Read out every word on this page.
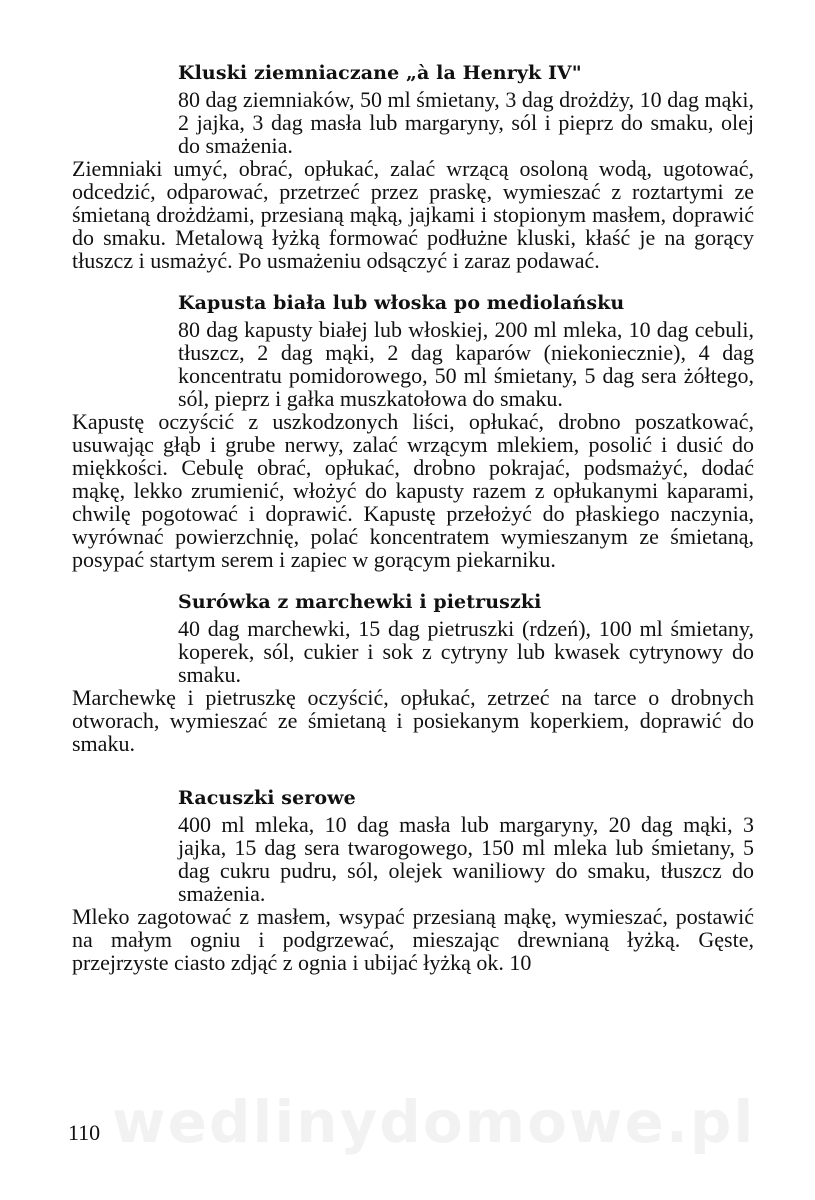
Kluski ziemniaczane „à la Henryk IV"

80 dag ziemniaków, 50 ml śmietany, 3 dag drożdży, 10 dag mąki, 2 jajka, 3 dag masła lub margaryny, sól i pieprz do smaku, olej do smażenia.

Ziemniaki umyć, obrać, opłukać, zalać wrzącą osoloną wodą, ugotować, odcedzić, odparować, przetrzeć przez praskę, wymieszać z roztartymi ze śmietaną drożdżami, przesianą mąką, jajkami i stopionym masłem, doprawić do smaku. Metalową łyżką formować podłużne kluski, kłaść je na gorący tłuszcz i usmażyć. Po usmażeniu odsączyć i zaraz podawać.

Kapusta biała lub włoska po mediolańsku

80 dag kapusty białej lub włoskiej, 200 ml mleka, 10 dag cebuli, tłuszcz, 2 dag mąki, 2 dag kaparów (niekoniecznie), 4 dag koncentratu pomidorowego, 50 ml śmietany, 5 dag sera żółtego, sól, pieprz i gałka muszkatołowa do smaku.

Kapustę oczyścić z uszkodzonych liści, opłukać, drobno poszatkować, usuwając głąb i grube nerwy, zalać wrzącym mlekiem, posolić i dusić do miękkości. Cebulę obrać, opłukać, drobno pokrajać, podsmażyć, dodać mąkę, lekko zrumienić, włożyć do kapusty razem z opłukanymi kaparami, chwilę pogotować i doprawić. Kapustę przełożyć do płaskiego naczynia, wyrównać powierzchnię, polać koncentratem wymieszanym ze śmietaną, posypać startym serem i zapiec w gorącym piekarniku.

Surówka z marchewki i pietruszki

40 dag marchewki, 15 dag pietruszki (rdzeń), 100 ml śmietany, koperek, sól, cukier i sok z cytryny lub kwasek cytrynowy do smaku.

Marchewkę i pietruszkę oczyścić, opłukać, zetrzeć na tarce o drobnych otworach, wymieszać ze śmietaną i posiekanym koperkiem, doprawić do smaku.

Racuszki serowe

400 ml mleka, 10 dag masła lub margaryny, 20 dag mąki, 3 jajka, 15 dag sera twarogowego, 150 ml mleka lub śmietany, 5 dag cukru pudru, sól, olejek waniliowy do smaku, tłuszcz do smażenia.

Mleko zagotować z masłem, wsypać przesianą mąkę, wymieszać, postawić na małym ogniu i podgrzewać, mieszając drewnianą łyżką. Gęste, przejrzyste ciasto zdjąć z ognia i ubijać łyżką ok. 10

wedlinydomowe.pl
110
